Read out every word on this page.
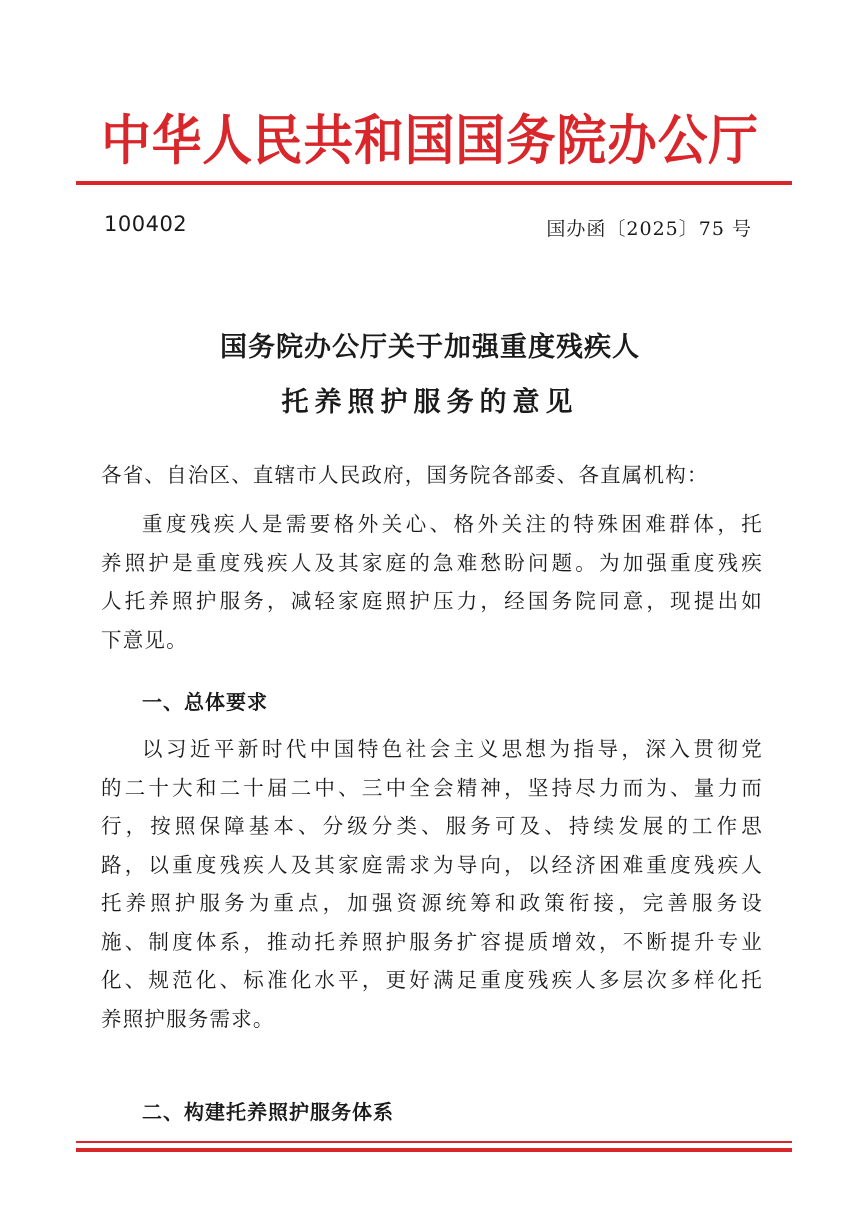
中华人民共和国国务院办公厅
100402	国办函〔2025〕75 号
国务院办公厅关于加强重度残疾人
托养照护服务的意见
各省、自治区、直辖市人民政府，国务院各部委、各直属机构：
重度残疾人是需要格外关心、格外关注的特殊困难群体，托
养照护是重度残疾人及其家庭的急难愁盼问题。为加强重度残疾
人托养照护服务，减轻家庭照护压力，经国务院同意，现提出如
下意见。
一、总体要求
以习近平新时代中国特色社会主义思想为指导，深入贯彻党
的二十大和二十届二中、三中全会精神，坚持尽力而为、量力而
行，按照保障基本、分级分类、服务可及、持续发展的工作思
路，以重度残疾人及其家庭需求为导向，以经济困难重度残疾人
托养照护服务为重点，加强资源统筹和政策衔接，完善服务设
施、制度体系，推动托养照护服务扩容提质增效，不断提升专业
化、规范化、标准化水平，更好满足重度残疾人多层次多样化托
养照护服务需求。
二、构建托养照护服务体系
